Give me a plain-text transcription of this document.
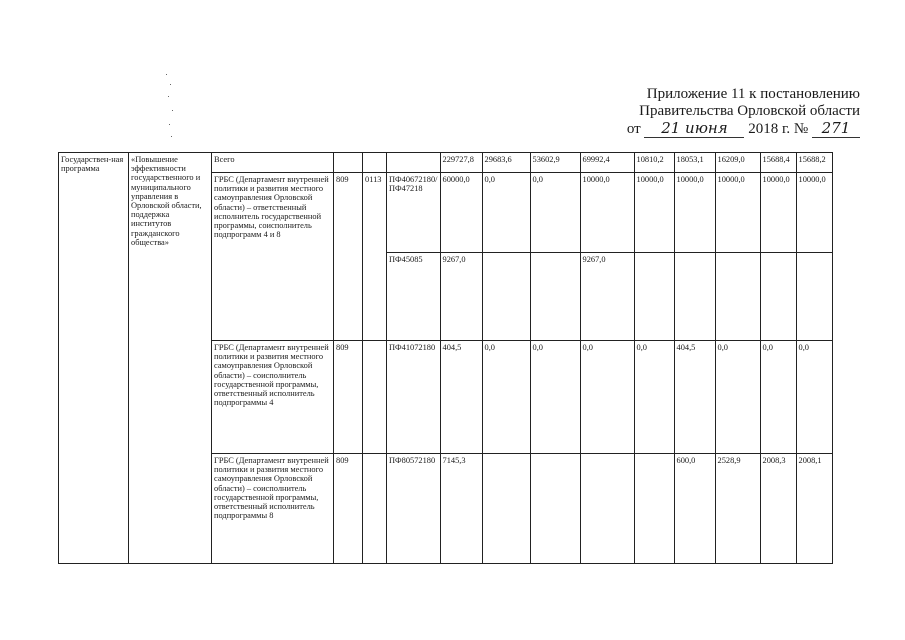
Приложение 11 к постановлению
Правительства Орловской области
от 21 июня 2018 г. № 271
Государствен-ная программа	«Повышение эффективности государственного и муниципального управления в Орловской области, поддержка институтов гражданского общества»	Всего				229727,8	29683,6	53602,9	69992,4	10810,2	18053,1	16209,0	15688,4	15688,2
		ГРБС (Департамент внутренней политики и развития местного самоуправления Орловской области) – ответственный исполнитель государственной программы, соисполнитель подпрограмм 4 и 8	809	0113	ПФ40672180/ПФ47218	60000,0	0,0	0,0	10000,0	10000,0	10000,0	10000,0	10000,0	10000,0
					ПФ45085	9267,0			9267,0					
		ГРБС (Департамент внутренней политики и развития местного самоуправления Орловской области) – соисполнитель государственной программы, ответственный исполнитель подпрограммы 4	809		ПФ41072180	404,5	0,0	0,0	0,0	0,0	404,5	0,0	0,0	0,0
		ГРБС (Департамент внутренней политики и развития местного самоуправления Орловской области) – соисполнитель государственной программы, ответственный исполнитель подпрограммы 8	809		ПФ80572180	7145,3					600,0	2528,9	2008,3	2008,1
